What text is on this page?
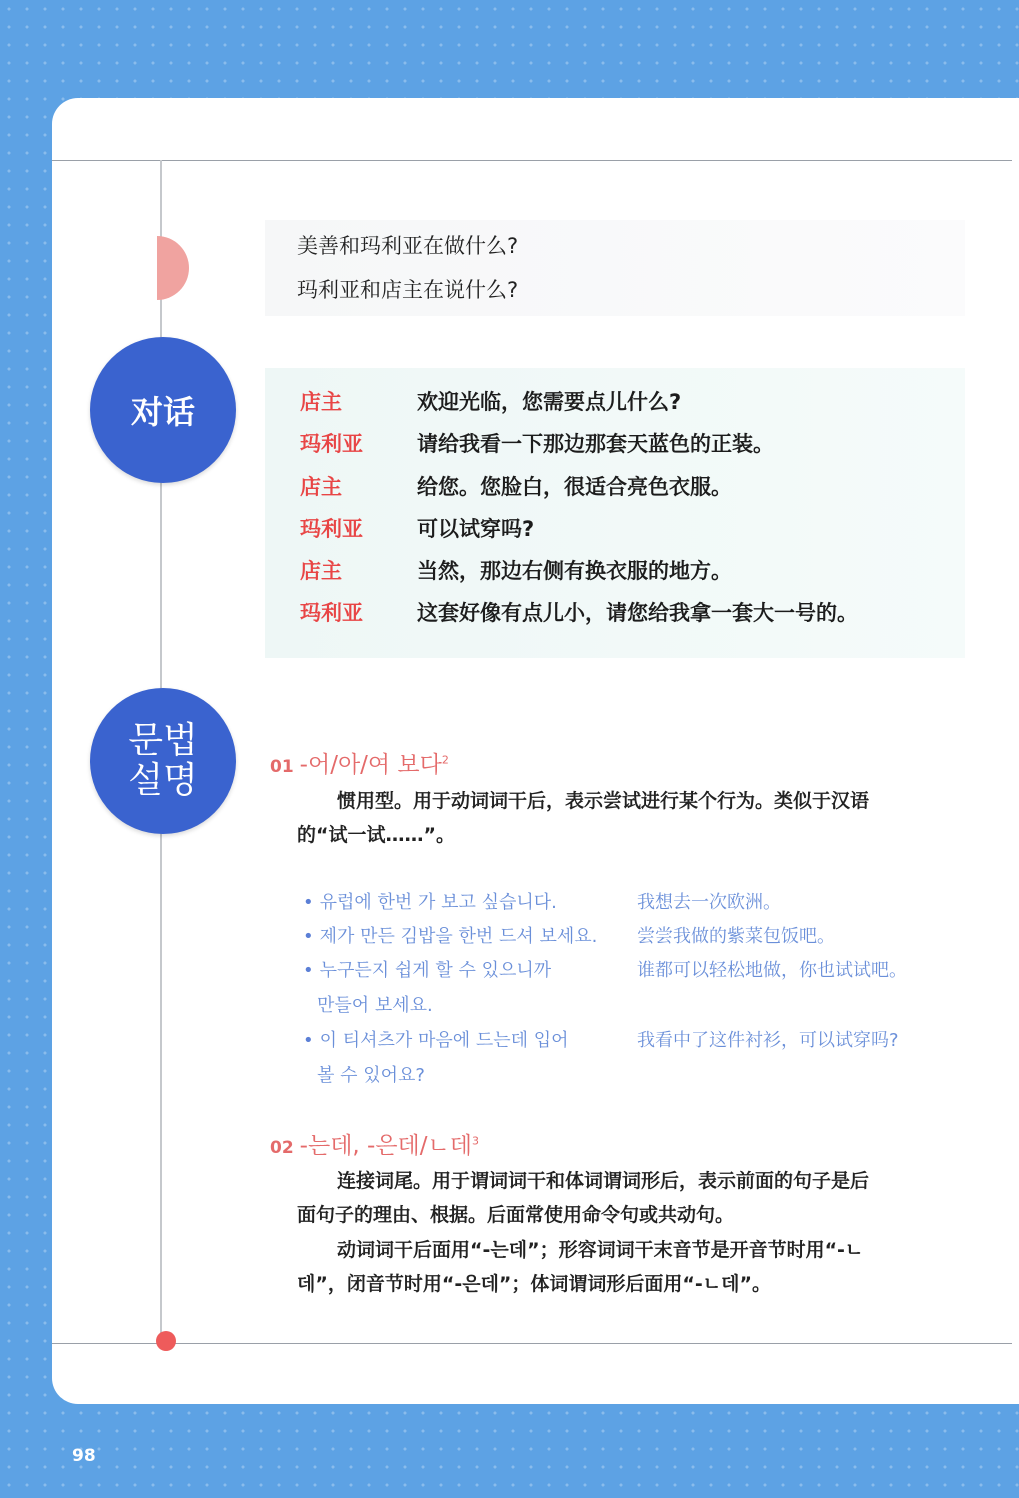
美善和玛利亚在做什么?
玛利亚和店主在说什么?
对话	店主	欢迎光临，您需要点儿什么?
玛利亚	请给我看一下那边那套天蓝色的正装。
店主	给您。您脸白，很适合亮色衣服。
玛利亚	可以试穿吗?
店主	当然，那边右侧有换衣服的地方。
玛利亚	这套好像有点儿小，请您给我拿一套大一号的。
문법
설명	01 -어/아/여 보다$^2$
惯用型。用于动词词干后，表示尝试进行某个行为。类似于汉语
的“试一试……”。
• 유럽에 한번 가 보고 싶습니다.	我想去一次欧洲。
• 제가 만든 김밥을 한번 드셔 보세요. 尝尝我做的紫菜包饭吧。
• 누구든지 쉽게 할 수 있으니까
만들어 보세요.
谁都可以轻松地做，你也试试吧。
• 이 티셔츠가 마음에 드는데 입어
볼 수 있어요?
我看中了这件衬衫，可以试穿吗?
02 -는데, -은데/ㄴ데$^3$
连接词尾。用于谓词词干和体词谓词形后，表示前面的句子是后
面句子的理由、根据。后面常使用命令句或共动句。
动词词干后面用“-는데”；形容词词干末音节是开音节时用“-ㄴ
데”，闭音节时用“-은데”；体词谓词形后面用“-ㄴ데”。
98
